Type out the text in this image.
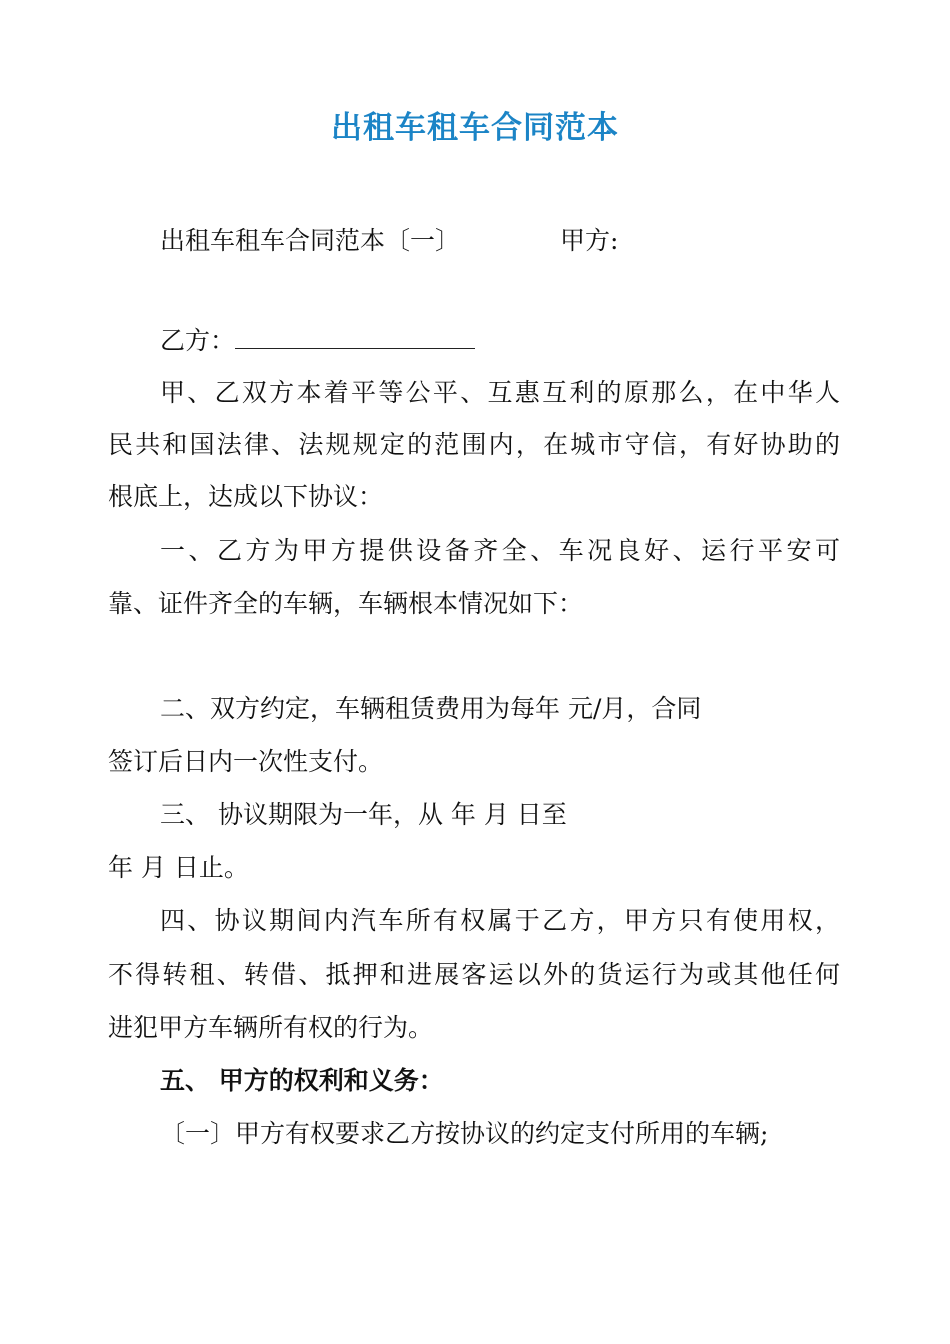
出租车租车合同范本
出租车租车合同范本〔一〕	甲方:
乙方：
甲、乙双方本着平等公平、互惠互利的原那么，在中华人
民共和国法律、法规规定的范围内，在城市守信，有好协助的
根底上，达成以下协议：
一、乙方为甲方提供设备齐全、车况良好、运行平安可
靠、证件齐全的车辆，车辆根本情况如下：
二、双方约定，车辆租赁费用为每年 元/月，合同
签订后日内一次性支付。
三、 协议期限为一年，从 年 月 日至
年 月 日止。
四、协议期间内汽车所有权属于乙方，甲方只有使用权，
不得转租、转借、抵押和进展客运以外的货运行为或其他任何
进犯甲方车辆所有权的行为。
五、 甲方的权利和义务：
〔一〕甲方有权要求乙方按协议的约定支付所用的车辆;
